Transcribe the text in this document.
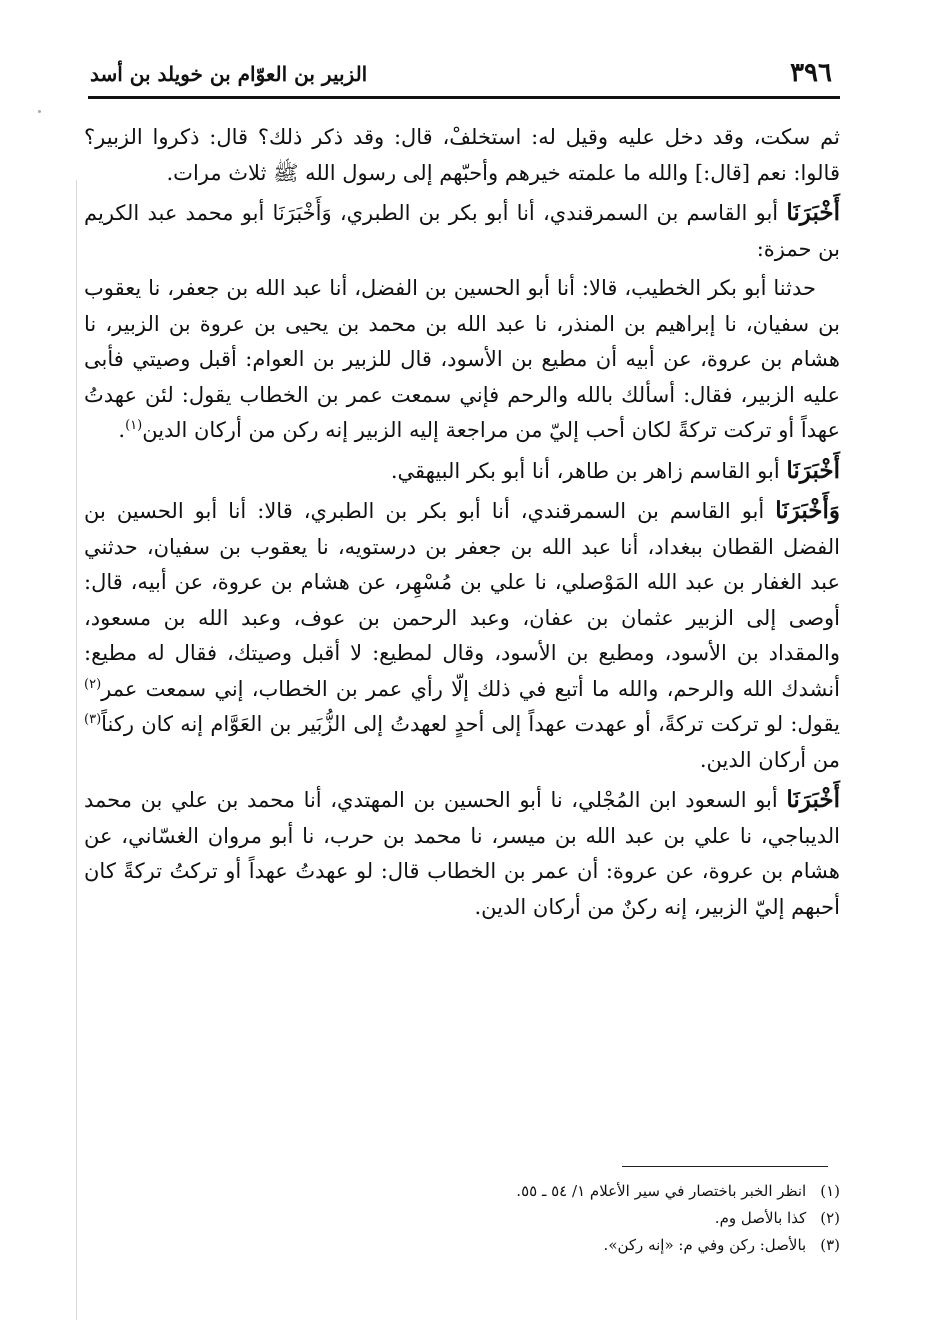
٣٩٦
الزبير بن العوّام بن خويلد بن أسد

ثم سكت، وقد دخل عليه وقيل له: استخلفْ، قال: وقد ذكر ذلك؟ قال: ذكروا الزبير؟ قالوا: نعم [قال:] والله ما علمته خيرهم وأحبّهم إلى رسول الله ﷺ ثلاث مرات.

أَخْبَرَنَا أبو القاسم بن السمرقندي، أنا أبو بكر بن الطبري، وَأَخْبَرَنَا أبو محمد عبد الكريم بن حمزة:

حدثنا أبو بكر الخطيب، قالا: أنا أبو الحسين بن الفضل، أنا عبد الله بن جعفر، نا يعقوب بن سفيان، نا إبراهيم بن المنذر، نا عبد الله بن محمد بن يحيى بن عروة بن الزبير، نا هشام بن عروة، عن أبيه أن مطيع بن الأسود، قال للزبير بن العوام: أقبل وصيتي فأبى عليه الزبير، فقال: أسألك بالله والرحم فإني سمعت عمر بن الخطاب يقول: لئن عهدتُ عهداً أو تركت تركةً لكان أحب إليّ من مراجعة إليه الزبير إنه ركن من أركان الدين$^{(١)}$.

أَخْبَرَنَا أبو القاسم زاهر بن طاهر، أنا أبو بكر البيهقي.

وَأَخْبَرَنَا أبو القاسم بن السمرقندي، أنا أبو بكر بن الطبري، قالا: أنا أبو الحسين بن الفضل القطان ببغداد، أنا عبد الله بن جعفر بن درستويه، نا يعقوب بن سفيان، حدثني عبد الغفار بن عبد الله المَوْصلي، نا علي بن مُسْهِر، عن هشام بن عروة، عن أبيه، قال: أوصى إلى الزبير عثمان بن عفان، وعبد الرحمن بن عوف، وعبد الله بن مسعود، والمقداد بن الأسود، ومطيع بن الأسود، وقال لمطيع: لا أقبل وصيتك، فقال له مطيع: أنشدك الله والرحم، والله ما أتبع في ذلك إلّا رأي عمر بن الخطاب، إني سمعت عمر$^{(٢)}$ يقول: لو تركت تركةً، أو عهدت عهداً إلى أحدٍ لعهدتُ إلى الزُّبَير بن العَوَّام إنه كان ركناً$^{(٣)}$ من أركان الدين.

أَخْبَرَنَا أبو السعود ابن المُجْلي، نا أبو الحسين بن المهتدي، أنا محمد بن علي بن محمد الديباجي، نا علي بن عبد الله بن ميسر، نا محمد بن حرب، نا أبو مروان الغسّاني، عن هشام بن عروة، عن عروة: أن عمر بن الخطاب قال: لو عهدتُ عهداً أو تركتُ تركةً كان أحبهم إليّ الزبير، إنه ركنٌ من أركان الدين.

(١)انظر الخبر باختصار في سير الأعلام ١/ ٥٤ ـ ٥٥.

(٢)كذا بالأصل وم.

(٣)بالأصل: ركن وفي م: «إنه ركن».
